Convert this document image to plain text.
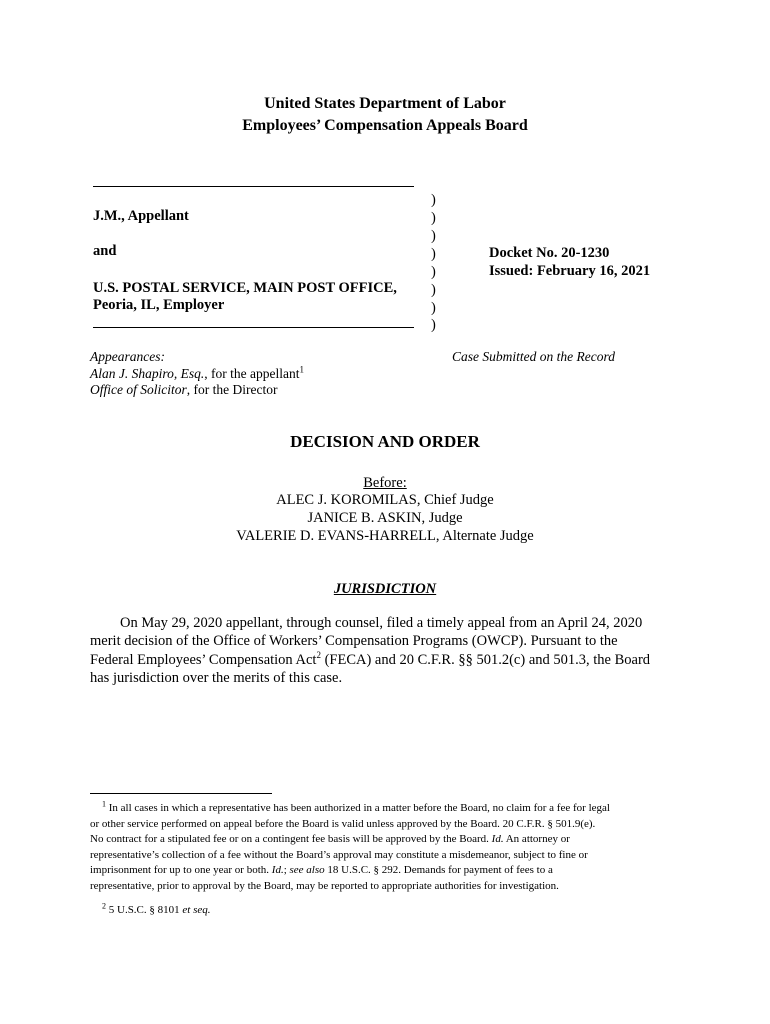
United States Department of Labor
Employees’ Compensation Appeals Board
J.M., Appellant
and
U.S. POSTAL SERVICE, MAIN POST OFFICE,
Peoria, IL, Employer
)
)
)
)
)
)
)
)
Docket No. 20-1230
Issued: February 16, 2021
Appearances:
Alan J. Shapiro, Esq., for the appellant$^1$
Office of Solicitor, for the Director
Case Submitted on the Record
DECISION AND ORDER
Before:
ALEC J. KOROMILAS, Chief Judge
JANICE B. ASKIN, Judge
VALERIE D. EVANS-HARRELL, Alternate Judge
JURISDICTION
On May 29, 2020 appellant, through counsel, filed a timely appeal from an April 24, 2020
merit decision of the Office of Workers’ Compensation Programs (OWCP). Pursuant to the
Federal Employees’ Compensation Act$^2$ (FECA) and 20 C.F.R. §§ 501.2(c) and 501.3, the Board
has jurisdiction over the merits of this case.
$^1$ In all cases in which a representative has been authorized in a matter before the Board, no claim for a fee for legal
or other service performed on appeal before the Board is valid unless approved by the Board. 20 C.F.R. § 501.9(e).
No contract for a stipulated fee or on a contingent fee basis will be approved by the Board. Id. An attorney or
representative’s collection of a fee without the Board’s approval may constitute a misdemeanor, subject to fine or
imprisonment for up to one year or both. Id.; see also 18 U.S.C. § 292. Demands for payment of fees to a
representative, prior to approval by the Board, may be reported to appropriate authorities for investigation.
$^2$ 5 U.S.C. § 8101 et seq.
